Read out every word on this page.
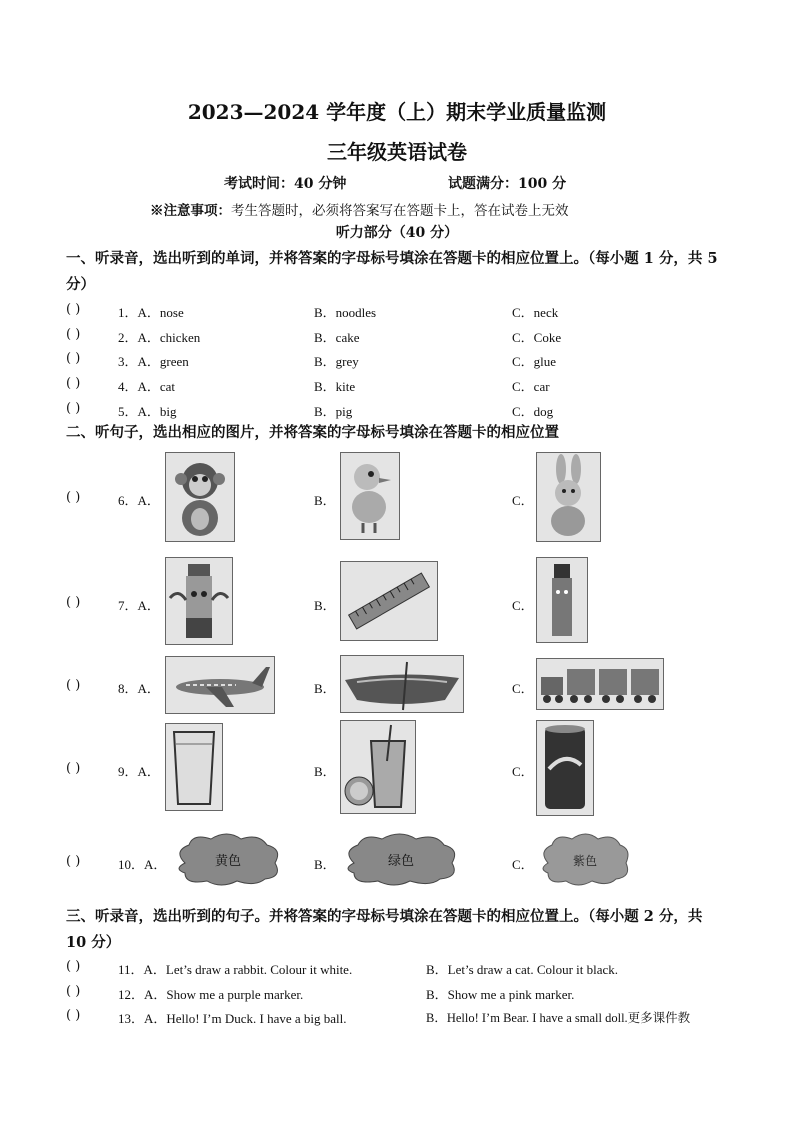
2023—2024 学年度（上）期末学业质量监测
三年级英语试卷
考试时间：40 分钟	试题满分：100 分
※注意事项：考生答题时，必须将答案写在答题卡上，答在试卷上无效
听力部分（40 分）
一、听录音，选出听到的单词，并将答案的字母标号填涂在答题卡的相应位置上。（每小题 1 分，共 5 分）
( )	1．A．nose	B．noodles	C．neck
( )	2．A．chicken	B．cake	C．Coke
( )	3．A．green	B．grey	C．glue
( )	4．A．cat	B．kite	C．car
( )	5．A．big	B．pig	C．dog
二、听句子，选出相应的图片，并将答案的字母标号填涂在答题卡的相应位置
( )	6．A．	B．	C．
( )	7．A．	B．	C．
( )	8．A．	B．	C．
( )	9．A．	B．	C．
( )	10．A．	黄色	B．	绿色	C．	紫色
三、听录音，选出听到的句子。并将答案的字母标号填涂在答题卡的相应位置上。（每小题 2 分，共 10 分）
( )	11．A．Let’s draw a rabbit. Colour it white.	B．Let’s draw a cat. Colour it black.
( )	12．A．Show me a purple marker.	B．Show me a pink marker.
( )	13．A．Hello! I’m Duck. I have a big ball.	B．Hello! I’m Bear. I have a small doll.更多课件教
